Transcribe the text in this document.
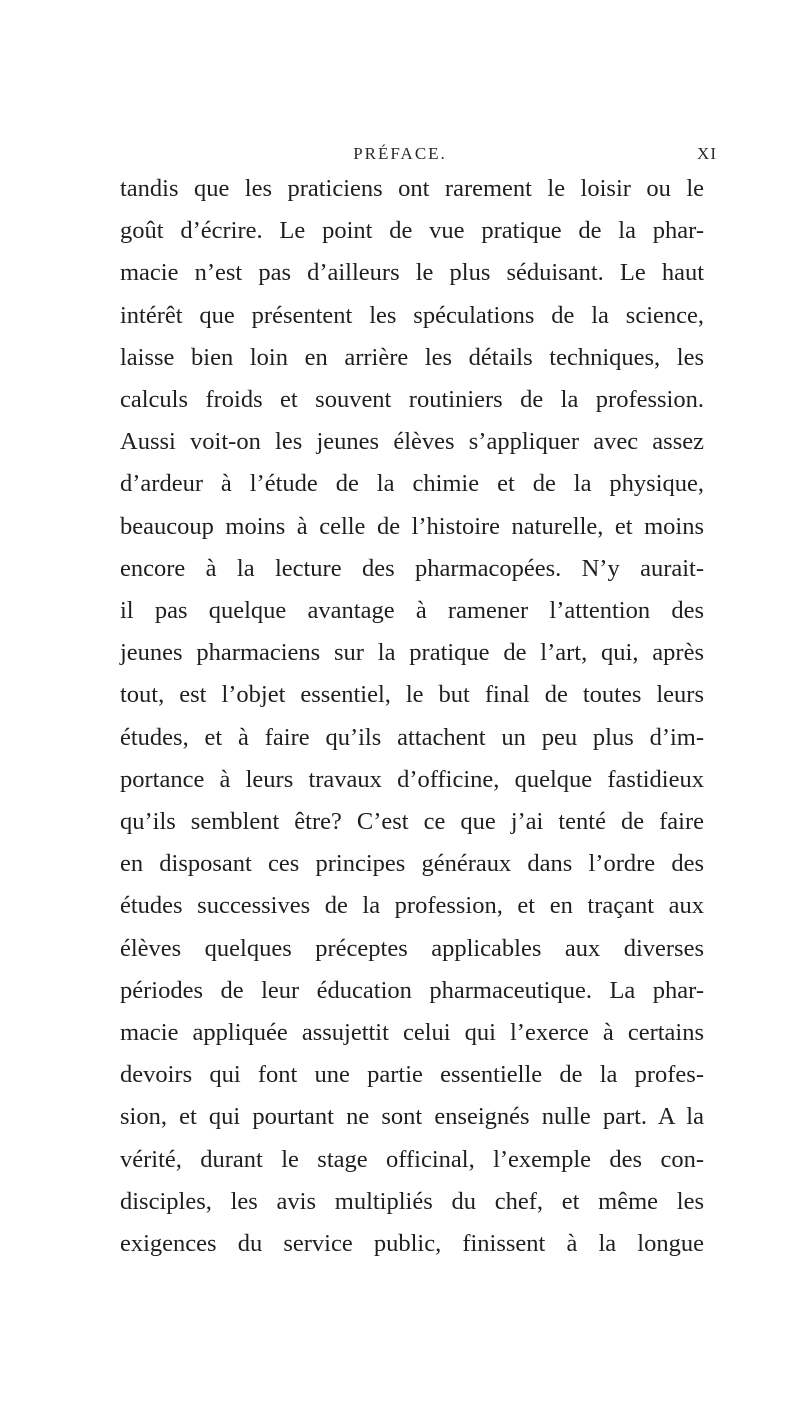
PRÉFACE.	XI
tandis que les praticiens ont rarement le loisir ou le
goût d’écrire. Le point de vue pratique de la phar-
macie n’est pas d’ailleurs le plus séduisant. Le haut
intérêt que présentent les spéculations de la science,
laisse bien loin en arrière les détails techniques, les
calculs froids et souvent routiniers de la profession.
Aussi voit-on les jeunes élèves s’appliquer avec assez
d’ardeur à l’étude de la chimie et de la physique,
beaucoup moins à celle de l’histoire naturelle, et moins
encore à la lecture des pharmacopées. N’y aurait-
il pas quelque avantage à ramener l’attention des
jeunes pharmaciens sur la pratique de l’art, qui, après
tout, est l’objet essentiel, le but final de toutes leurs
études, et à faire qu’ils attachent un peu plus d’im-
portance à leurs travaux d’officine, quelque fastidieux
qu’ils semblent être? C’est ce que j’ai tenté de faire
en disposant ces principes généraux dans l’ordre des
études successives de la profession, et en traçant aux
élèves quelques préceptes applicables aux diverses
périodes de leur éducation pharmaceutique. La phar-
macie appliquée assujettit celui qui l’exerce à certains
devoirs qui font une partie essentielle de la profes-
sion, et qui pourtant ne sont enseignés nulle part. A la
vérité, durant le stage officinal, l’exemple des con-
disciples, les avis multipliés du chef, et même les
exigences du service public, finissent à la longue
